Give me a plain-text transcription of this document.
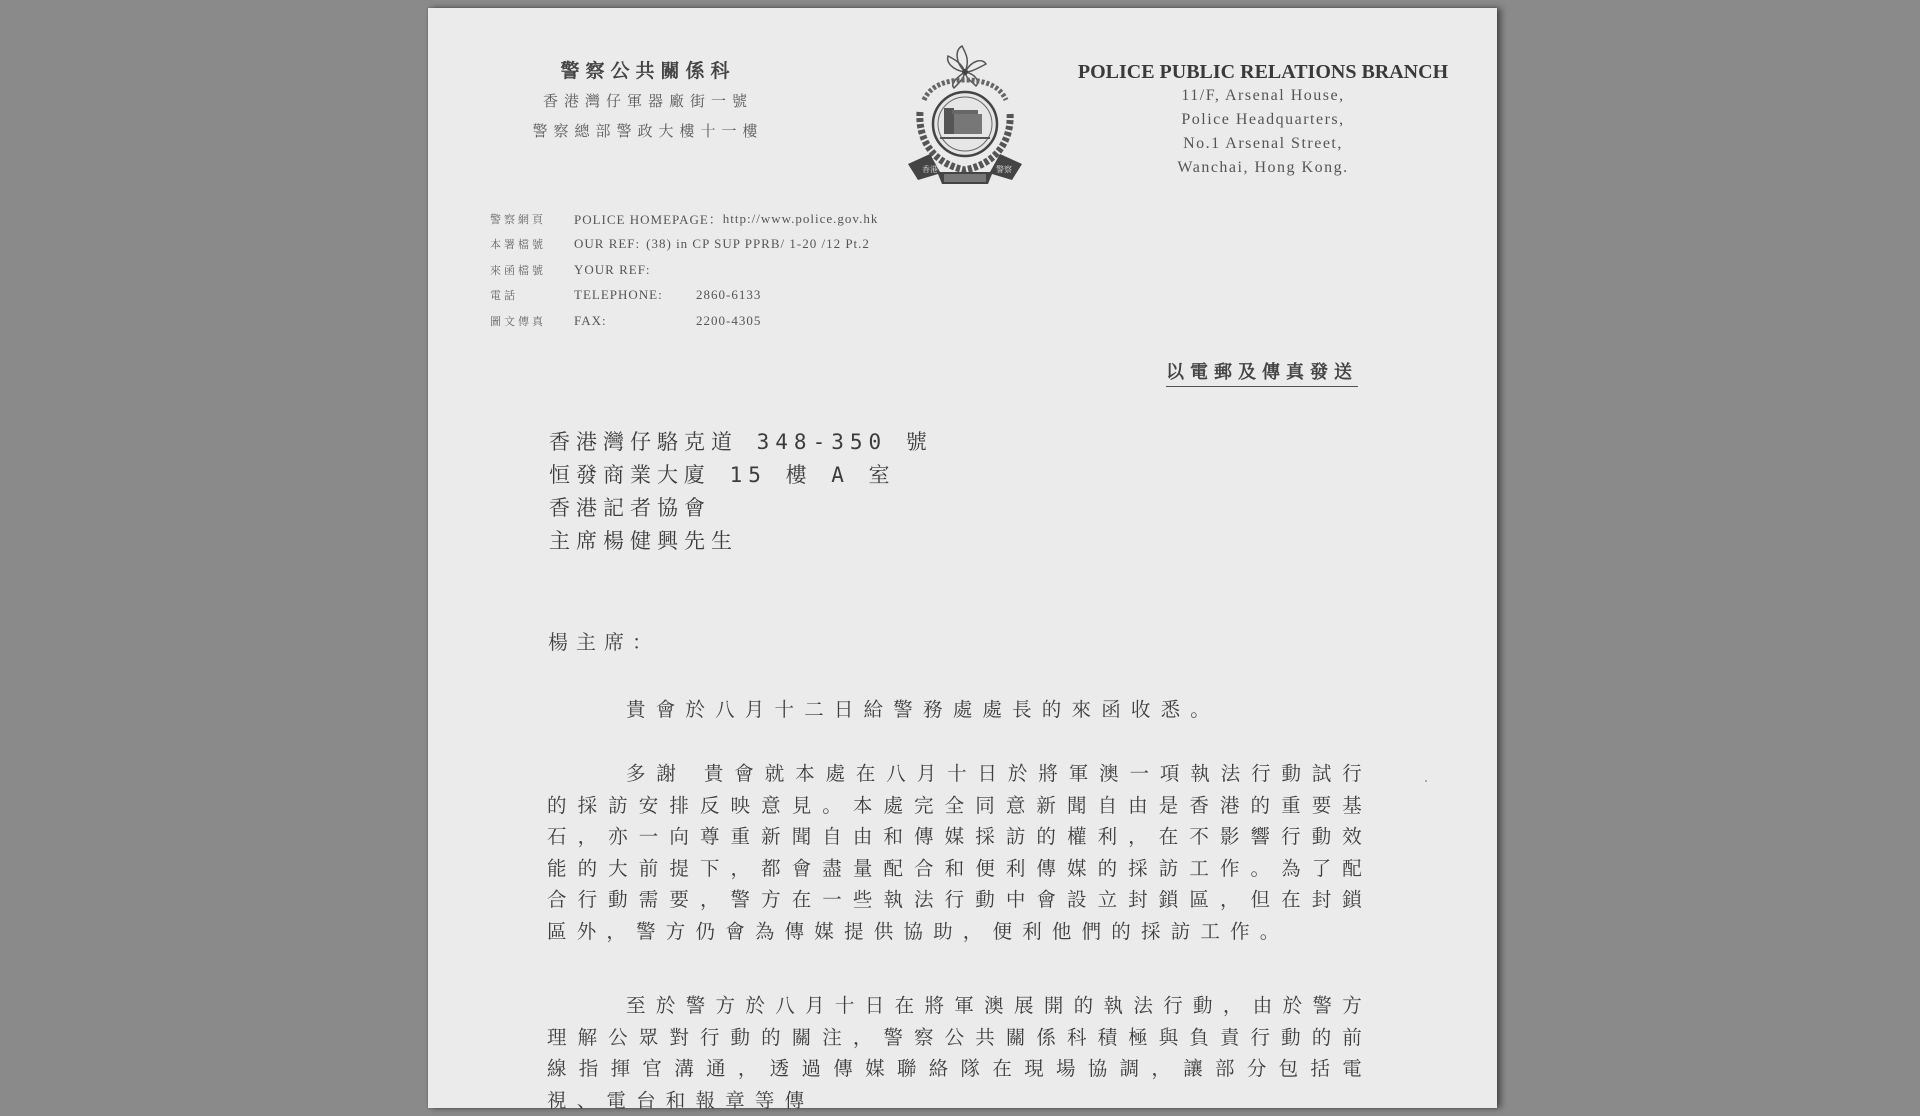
警察公共關係科
香港灣仔軍器廠街一號
警察總部警政大樓十一樓
香港	警察
POLICE PUBLIC RELATIONS BRANCH
11/F, Arsenal House,
Police Headquarters,
No.1 Arsenal Street,
Wanchai, Hong Kong.
警察網頁	POLICE HOMEPAGE： http://www.police.gov.hk
本署檔號	OUR REF: (38) in CP SUP PPRB/ 1-20 /12 Pt.2
來函檔號	YOUR REF:
電話	TELEPHONE:	2860-6133
圖文傳真	FAX:	2200-4305
以電郵及傳真發送
香港灣仔駱克道 348-350 號
恒發商業大廈 15 樓 A 室
香港記者協會
主席楊健興先生
楊主席：
貴會於八月十二日給警務處處長的來函收悉。
多謝 貴會就本處在八月十日於將軍澳一項執法行動試行的採訪安排反映意見。本處完全同意新聞自由是香港的重要基石，亦一向尊重新聞自由和傳媒採訪的權利，在不影響行動效能的大前提下，都會盡量配合和便利傳媒的採訪工作。為了配合行動需要，警方在一些執法行動中會設立封鎖區，但在封鎖區外，警方仍會為傳媒提供協助，便利他們的採訪工作。
至於警方於八月十日在將軍澳展開的執法行動，由於警方理解公眾對行動的關注，警察公共關係科積極與負責行動的前線指揮官溝通，透過傳媒聯絡隊在現場協調，讓部分包括電視、電台和報章等傳
